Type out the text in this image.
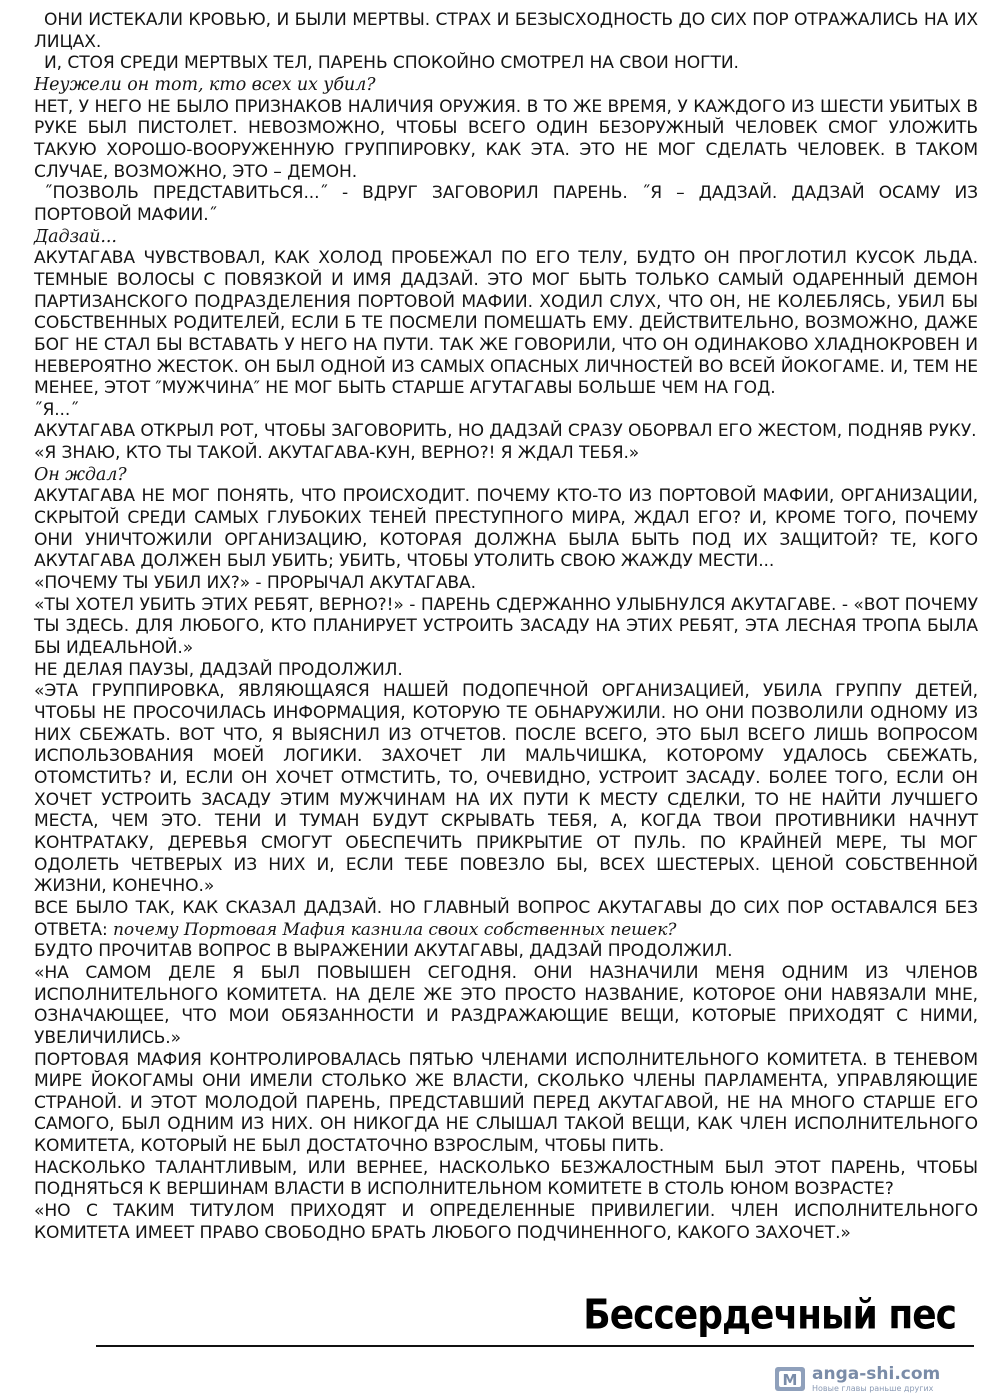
ОНИ ИСТЕКАЛИ КРОВЬЮ, И БЫЛИ МЕРТВЫ. СТРАХ И БЕЗЫСХОДНОСТЬ ДО СИХ ПОР ОТРАЖАЛИСЬ НА ИХ ЛИЦАХ.

И, СТОЯ СРЕДИ МЕРТВЫХ ТЕЛ, ПАРЕНЬ СПОКОЙНО СМОТРЕЛ НА СВОИ НОГТИ.

Неужели он тот, кто всех их убил?

НЕТ, У НЕГО НЕ БЫЛО ПРИЗНАКОВ НАЛИЧИЯ ОРУЖИЯ. В ТО ЖЕ ВРЕМЯ, У КАЖДОГО ИЗ ШЕСТИ УБИТЫХ В РУКЕ БЫЛ ПИСТОЛЕТ. НЕВОЗМОЖНО, ЧТОБЫ ВСЕГО ОДИН БЕЗОРУЖНЫЙ ЧЕЛОВЕК СМОГ УЛОЖИТЬ ТАКУЮ ХОРОШО-ВООРУЖЕННУЮ ГРУППИРОВКУ, КАК ЭТА. ЭТО НЕ МОГ СДЕЛАТЬ ЧЕЛОВЕК. В ТАКОМ СЛУЧАЕ, ВОЗМОЖНО, ЭТО – ДЕМОН.

˝ПОЗВОЛЬ ПРЕДСТАВИТЬСЯ...˝ - ВДРУГ ЗАГОВОРИЛ ПАРЕНЬ. ˝Я – ДАДЗАЙ. ДАДЗАЙ ОСАМУ ИЗ ПОРТОВОЙ МАФИИ.˝

Дадзай...

АКУТАГАВА ЧУВСТВОВАЛ, КАК ХОЛОД ПРОБЕЖАЛ ПО ЕГО ТЕЛУ, БУДТО ОН ПРОГЛОТИЛ КУСОК ЛЬДА. ТЕМНЫЕ ВОЛОСЫ С ПОВЯЗКОЙ И ИМЯ ДАДЗАЙ. ЭТО МОГ БЫТЬ ТОЛЬКО САМЫЙ ОДАРЕННЫЙ ДЕМОН ПАРТИЗАНСКОГО ПОДРАЗДЕЛЕНИЯ ПОРТОВОЙ МАФИИ. ХОДИЛ СЛУХ, ЧТО ОН, НЕ КОЛЕБЛЯСЬ, УБИЛ БЫ СОБСТВЕННЫХ РОДИТЕЛЕЙ, ЕСЛИ Б ТЕ ПОСМЕЛИ ПОМЕШАТЬ ЕМУ. ДЕЙСТВИТЕЛЬНО, ВОЗМОЖНО, ДАЖЕ БОГ НЕ СТАЛ БЫ ВСТАВАТЬ У НЕГО НА ПУТИ. ТАК ЖЕ ГОВОРИЛИ, ЧТО ОН ОДИНАКОВО ХЛАДНОКРОВЕН И НЕВЕРОЯТНО ЖЕСТОК. ОН БЫЛ ОДНОЙ ИЗ САМЫХ ОПАСНЫХ ЛИЧНОСТЕЙ ВО ВСЕЙ ЙОКОГАМЕ. И, ТЕМ НЕ МЕНЕЕ, ЭТОТ ″МУЖЧИНА″ НЕ МОГ БЫТЬ СТАРШЕ АГУТАГАВЫ БОЛЬШЕ ЧЕМ НА ГОД.

˝Я...˝

АКУТАГАВА ОТКРЫЛ РОТ, ЧТОБЫ ЗАГОВОРИТЬ, НО ДАДЗАЙ СРАЗУ ОБОРВАЛ ЕГО ЖЕСТОМ, ПОДНЯВ РУКУ.

«Я ЗНАЮ, КТО ТЫ ТАКОЙ. АКУТАГАВА-КУН, ВЕРНО?! Я ЖДАЛ ТЕБЯ.»

Он ждал?

АКУТАГАВА НЕ МОГ ПОНЯТЬ, ЧТО ПРОИСХОДИТ. ПОЧЕМУ КТО-ТО ИЗ ПОРТОВОЙ МАФИИ, ОРГАНИЗАЦИИ, СКРЫТОЙ СРЕДИ САМЫХ ГЛУБОКИХ ТЕНЕЙ ПРЕСТУПНОГО МИРА, ЖДАЛ ЕГО? И, КРОМЕ ТОГО, ПОЧЕМУ ОНИ УНИЧТОЖИЛИ ОРГАНИЗАЦИЮ, КОТОРАЯ ДОЛЖНА БЫЛА БЫТЬ ПОД ИХ ЗАЩИТОЙ? ТЕ, КОГО АКУТАГАВА ДОЛЖЕН БЫЛ УБИТЬ; УБИТЬ, ЧТОБЫ УТОЛИТЬ СВОЮ ЖАЖДУ МЕСТИ...

«ПОЧЕМУ ТЫ УБИЛ ИХ?» - ПРОРЫЧАЛ АКУТАГАВА.

«ТЫ ХОТЕЛ УБИТЬ ЭТИХ РЕБЯТ, ВЕРНО?!» - ПАРЕНЬ СДЕРЖАННО УЛЫБНУЛСЯ АКУТАГАВЕ. - «ВОТ ПОЧЕМУ ТЫ ЗДЕСЬ. ДЛЯ ЛЮБОГО, КТО ПЛАНИРУЕТ УСТРОИТЬ ЗАСАДУ НА ЭТИХ РЕБЯТ, ЭТА ЛЕСНАЯ ТРОПА БЫЛА БЫ ИДЕАЛЬНОЙ.»

НЕ ДЕЛАЯ ПАУЗЫ, ДАДЗАЙ ПРОДОЛЖИЛ.

«ЭТА ГРУППИРОВКА, ЯВЛЯЮЩАЯСЯ НАШЕЙ ПОДОПЕЧНОЙ ОРГАНИЗАЦИЕЙ, УБИЛА ГРУППУ ДЕТЕЙ, ЧТОБЫ НЕ ПРОСОЧИЛАСЬ ИНФОРМАЦИЯ, КОТОРУЮ ТЕ ОБНАРУЖИЛИ. НО ОНИ ПОЗВОЛИЛИ ОДНОМУ ИЗ НИХ СБЕЖАТЬ. ВОТ ЧТО, Я ВЫЯСНИЛ ИЗ ОТЧЕТОВ. ПОСЛЕ ВСЕГО, ЭТО БЫЛ ВСЕГО ЛИШЬ ВОПРОСОМ ИСПОЛЬЗОВАНИЯ МОЕЙ ЛОГИКИ. ЗАХОЧЕТ ЛИ МАЛЬЧИШКА, КОТОРОМУ УДАЛОСЬ СБЕЖАТЬ, ОТОМСТИТЬ? И, ЕСЛИ ОН ХОЧЕТ ОТМСТИТЬ, ТО, ОЧЕВИДНО, УСТРОИТ ЗАСАДУ. БОЛЕЕ ТОГО, ЕСЛИ ОН ХОЧЕТ УСТРОИТЬ ЗАСАДУ ЭТИМ МУЖЧИНАМ НА ИХ ПУТИ К МЕСТУ СДЕЛКИ, ТО НЕ НАЙТИ ЛУЧШЕГО МЕСТА, ЧЕМ ЭТО. ТЕНИ И ТУМАН БУДУТ СКРЫВАТЬ ТЕБЯ, А, КОГДА ТВОИ ПРОТИВНИКИ НАЧНУТ КОНТРАТАКУ, ДЕРЕВЬЯ СМОГУТ ОБЕСПЕЧИТЬ ПРИКРЫТИЕ ОТ ПУЛЬ. ПО КРАЙНЕЙ МЕРЕ, ТЫ МОГ ОДОЛЕТЬ ЧЕТВЕРЫХ ИЗ НИХ И, ЕСЛИ ТЕБЕ ПОВЕЗЛО БЫ, ВСЕХ ШЕСТЕРЫХ. ЦЕНОЙ СОБСТВЕННОЙ ЖИЗНИ, КОНЕЧНО.»

ВСЕ БЫЛО ТАК, КАК СКАЗАЛ ДАДЗАЙ. НО ГЛАВНЫЙ ВОПРОС АКУТАГАВЫ ДО СИХ ПОР ОСТАВАЛСЯ БЕЗ ОТВЕТА: почему Портовая Мафия казнила своих собственных пешек?

БУДТО ПРОЧИТАВ ВОПРОС В ВЫРАЖЕНИИ АКУТАГАВЫ, ДАДЗАЙ ПРОДОЛЖИЛ.

«НА САМОМ ДЕЛЕ Я БЫЛ ПОВЫШЕН СЕГОДНЯ. ОНИ НАЗНАЧИЛИ МЕНЯ ОДНИМ ИЗ ЧЛЕНОВ ИСПОЛНИТЕЛЬНОГО КОМИТЕТА. НА ДЕЛЕ ЖЕ ЭТО ПРОСТО НАЗВАНИЕ, КОТОРОЕ ОНИ НАВЯЗАЛИ МНЕ, ОЗНАЧАЮЩЕЕ, ЧТО МОИ ОБЯЗАННОСТИ И РАЗДРАЖАЮЩИЕ ВЕЩИ, КОТОРЫЕ ПРИХОДЯТ С НИМИ, УВЕЛИЧИЛИСЬ.»

ПОРТОВАЯ МАФИЯ КОНТРОЛИРОВАЛАСЬ ПЯТЬЮ ЧЛЕНАМИ ИСПОЛНИТЕЛЬНОГО КОМИТЕТА. В ТЕНЕВОМ МИРЕ ЙОКОГАМЫ ОНИ ИМЕЛИ СТОЛЬКО ЖЕ ВЛАСТИ, СКОЛЬКО ЧЛЕНЫ ПАРЛАМЕНТА, УПРАВЛЯЮЩИЕ СТРАНОЙ. И ЭТОТ МОЛОДОЙ ПАРЕНЬ, ПРЕДСТАВШИЙ ПЕРЕД АКУТАГАВОЙ, НЕ НА МНОГО СТАРШЕ ЕГО САМОГО, БЫЛ ОДНИМ ИЗ НИХ. ОН НИКОГДА НЕ СЛЫШАЛ ТАКОЙ ВЕЩИ, КАК ЧЛЕН ИСПОЛНИТЕЛЬНОГО КОМИТЕТА, КОТОРЫЙ НЕ БЫЛ ДОСТАТОЧНО ВЗРОСЛЫМ, ЧТОБЫ ПИТЬ.

НАСКОЛЬКО ТАЛАНТЛИВЫМ, ИЛИ ВЕРНЕЕ, НАСКОЛЬКО БЕЗЖАЛОСТНЫМ БЫЛ ЭТОТ ПАРЕНЬ, ЧТОБЫ ПОДНЯТЬСЯ К ВЕРШИНАМ ВЛАСТИ В ИСПОЛНИТЕЛЬНОМ КОМИТЕТЕ В СТОЛЬ ЮНОМ ВОЗРАСТЕ?

«НО С ТАКИМ ТИТУЛОМ ПРИХОДЯТ И ОПРЕДЕЛЕННЫЕ ПРИВИЛЕГИИ. ЧЛЕН ИСПОЛНИТЕЛЬНОГО КОМИТЕТА ИМЕЕТ ПРАВО СВОБОДНО БРАТЬ ЛЮБОГО ПОДЧИНЕННОГО, КАКОГО ЗАХОЧЕТ.»

Бессердечный пес
M anga-shi.com
Новые главы раньше других
